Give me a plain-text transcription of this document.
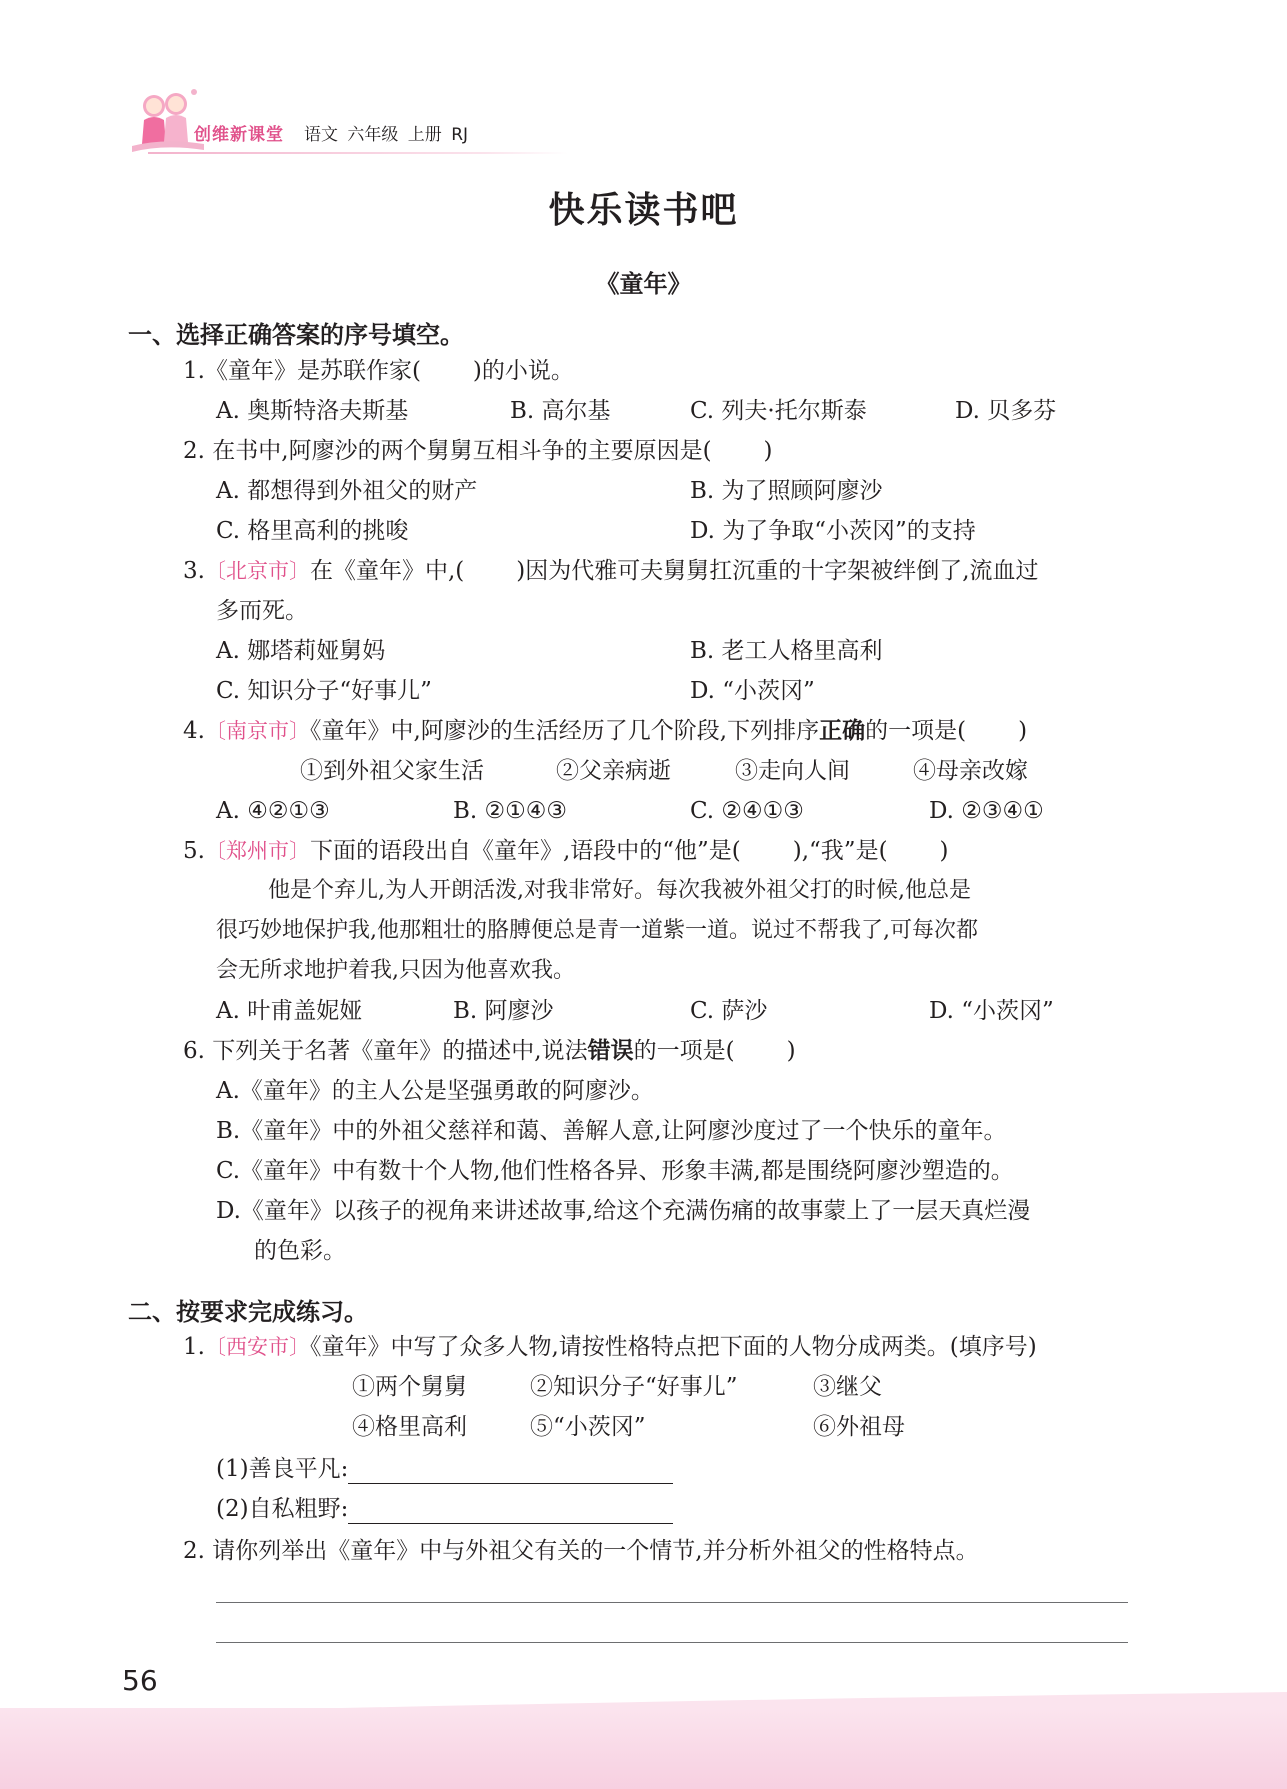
创维新课堂 语文 六年级 上册 RJ
快乐读书吧
《童年》
一、选择正确答案的序号填空。
1.《童年》是苏联作家( )的小说。
A. 奥斯特洛夫斯基	B. 高尔基	C. 列夫·托尔斯泰	D. 贝多芬
2. 在书中,阿廖沙的两个舅舅互相斗争的主要原因是( )
A. 都想得到外祖父的财产	B. 为了照顾阿廖沙
C. 格里高利的挑唆	D. 为了争取“小茨冈”的支持
3.〔北京市〕在《童年》中,( )因为代雅可夫舅舅扛沉重的十字架被绊倒了,流血过
多而死。
A. 娜塔莉娅舅妈	B. 老工人格里高利
C. 知识分子“好事儿”	D. “小茨冈”
4.〔南京市〕《童年》中,阿廖沙的生活经历了几个阶段,下列排序正确的一项是( )
①到外祖父家生活	②父亲病逝	③走向人间	④母亲改嫁
A. ④②①③	B. ②①④③	C. ②④①③	D. ②③④①
5.〔郑州市〕下面的语段出自《童年》,语段中的“他”是( ),“我”是( )
他是个弃儿,为人开朗活泼,对我非常好。每次我被外祖父打的时候,他总是
很巧妙地保护我,他那粗壮的胳膊便总是青一道紫一道。说过不帮我了,可每次都
会无所求地护着我,只因为他喜欢我。
A. 叶甫盖妮娅	B. 阿廖沙	C. 萨沙	D. “小茨冈”
6. 下列关于名著《童年》的描述中,说法错误的一项是( )
A.《童年》的主人公是坚强勇敢的阿廖沙。
B.《童年》中的外祖父慈祥和蔼、善解人意,让阿廖沙度过了一个快乐的童年。
C.《童年》中有数十个人物,他们性格各异、形象丰满,都是围绕阿廖沙塑造的。
D.《童年》以孩子的视角来讲述故事,给这个充满伤痛的故事蒙上了一层天真烂漫
的色彩。
二、按要求完成练习。
1.〔西安市〕《童年》中写了众多人物,请按性格特点把下面的人物分成两类。(填序号)
①两个舅舅	②知识分子“好事儿”	③继父
④格里高利	⑤“小茨冈”	⑥外祖母
(1)善良平凡:
(2)自私粗野:
2. 请你列举出《童年》中与外祖父有关的一个情节,并分析外祖父的性格特点。
56
